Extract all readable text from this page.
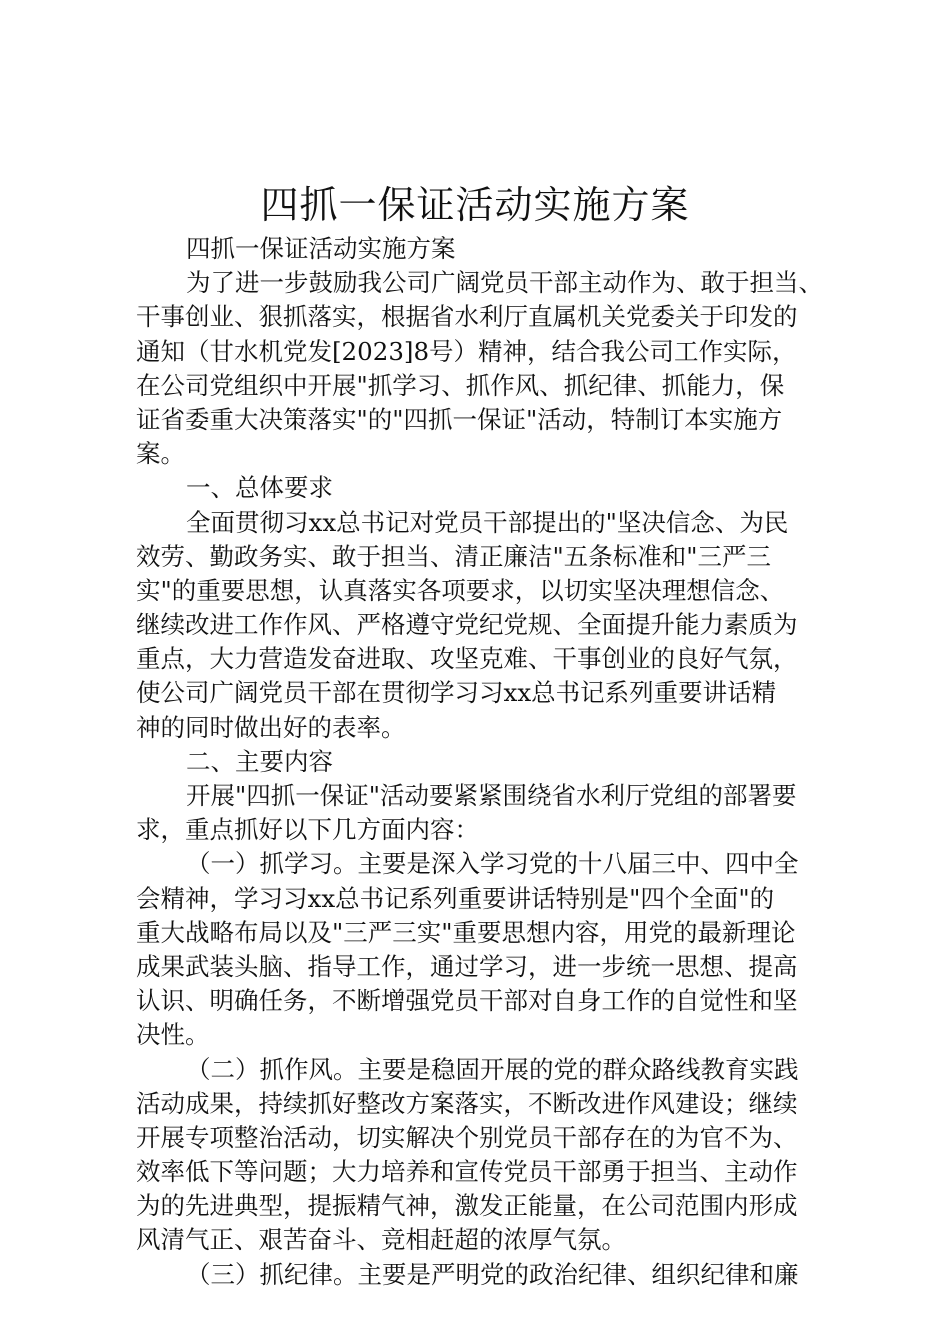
四抓一保证活动实施方案
四抓一保证活动实施方案
为了进一步鼓励我公司广阔党员干部主动作为、敢于担当、
干事创业、狠抓落实，根据省水利厅直属机关党委关于印发的
通知（甘水机党发[2023]8号）精神，结合我公司工作实际，
在公司党组织中开展"抓学习、抓作风、抓纪律、抓能力，保
证省委重大决策落实"的"四抓一保证"活动，特制订本实施方
案。
一、总体要求
全面贯彻习xx总书记对党员干部提出的"坚决信念、为民
效劳、勤政务实、敢于担当、清正廉洁"五条标准和"三严三
实"的重要思想，认真落实各项要求，以切实坚决理想信念、
继续改进工作作风、严格遵守党纪党规、全面提升能力素质为
重点，大力营造发奋进取、攻坚克难、干事创业的良好气氛，
使公司广阔党员干部在贯彻学习习xx总书记系列重要讲话精
神的同时做出好的表率。
二、主要内容
开展"四抓一保证"活动要紧紧围绕省水利厅党组的部署要
求，重点抓好以下几方面内容：
（一）抓学习。主要是深入学习党的十八届三中、四中全
会精神，学习习xx总书记系列重要讲话特别是"四个全面"的
重大战略布局以及"三严三实"重要思想内容，用党的最新理论
成果武装头脑、指导工作，通过学习，进一步统一思想、提高
认识、明确任务，不断增强党员干部对自身工作的自觉性和坚
决性。
（二）抓作风。主要是稳固开展的党的群众路线教育实践
活动成果，持续抓好整改方案落实，不断改进作风建设；继续
开展专项整治活动，切实解决个别党员干部存在的为官不为、
效率低下等问题；大力培养和宣传党员干部勇于担当、主动作
为的先进典型，提振精气神，激发正能量，在公司范围内形成
风清气正、艰苦奋斗、竞相赶超的浓厚气氛。
（三）抓纪律。主要是严明党的政治纪律、组织纪律和廉
